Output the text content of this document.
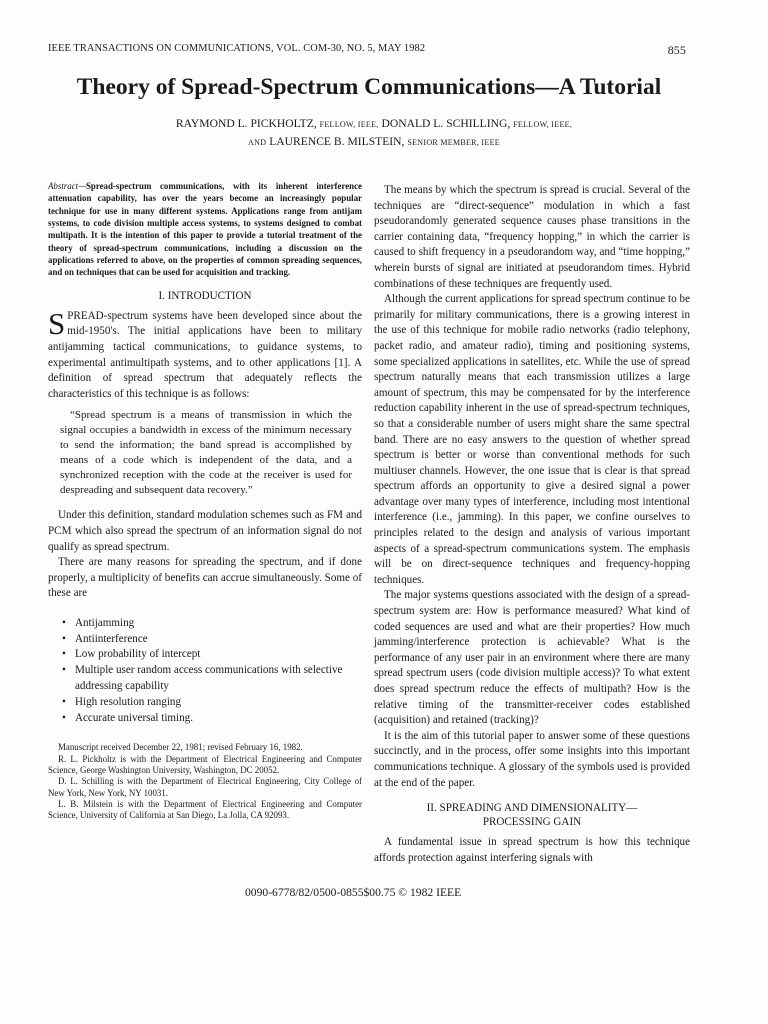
IEEE TRANSACTIONS ON COMMUNICATIONS, VOL. COM-30, NO. 5, MAY 1982	855
Theory of Spread-Spectrum Communications—A Tutorial
RAYMOND L. PICKHOLTZ, FELLOW, IEEE, DONALD L. SCHILLING, FELLOW, IEEE,
AND LAURENCE B. MILSTEIN, SENIOR MEMBER, IEEE

Abstract—Spread-spectrum communications, with its inherent interference attenuation capability, has over the years become an increasingly popular technique for use in many different systems. Applications range from antijam systems, to code division multiple access systems, to systems designed to combat multipath. It is the intention of this paper to provide a tutorial treatment of the theory of spread-spectrum communications, including a discussion on the applications referred to above, on the properties of common spreading sequences, and on techniques that can be used for acquisition and tracking.

I. INTRODUCTION

SPREAD-spectrum systems have been developed since about the mid-1950's. The initial applications have been to military antijamming tactical communications, to guidance systems, to experimental antimultipath systems, and to other applications [1]. A definition of spread spectrum that adequately reflects the characteristics of this technique is as follows:

“Spread spectrum is a means of transmission in which the signal occupies a bandwidth in excess of the minimum necessary to send the information; the band spread is accomplished by means of a code which is independent of the data, and a synchronized reception with the code at the receiver is used for despreading and subsequent data recovery.”

Under this definition, standard modulation schemes such as FM and PCM which also spread the spectrum of an information signal do not qualify as spread spectrum.

There are many reasons for spreading the spectrum, and if done properly, a multiplicity of benefits can accrue simultaneously. Some of these are

• Antijamming
• Antiinterference
• Low probability of intercept
• Multiple user random access communications with selective addressing capability
• High resolution ranging
• Accurate universal timing.

Manuscript received December 22, 1981; revised February 16, 1982.

R. L. Pickholtz is with the Department of Electrical Engineering and Computer Science, George Washington University, Washington, DC 20052.

D. L. Schilling is with the Department of Electrical Engineering, City College of New York, New York, NY 10031.

L. B. Milstein is with the Department of Electrical Engineering and Computer Science, University of California at San Diego, La Jolla, CA 92093.

The means by which the spectrum is spread is crucial. Several of the techniques are “direct-sequence” modulation in which a fast pseudorandomly generated sequence causes phase transitions in the carrier containing data, “frequency hopping,” in which the carrier is caused to shift frequency in a pseudorandom way, and “time hopping,” wherein bursts of signal are initiated at pseudorandom times. Hybrid combinations of these techniques are frequently used.

Although the current applications for spread spectrum continue to be primarily for military communications, there is a growing interest in the use of this technique for mobile radio networks (radio telephony, packet radio, and amateur radio), timing and positioning systems, some specialized applications in satellites, etc. While the use of spread spectrum naturally means that each transmission utilizes a large amount of spectrum, this may be compensated for by the interference reduction capability inherent in the use of spread-spectrum techniques, so that a considerable number of users might share the same spectral band. There are no easy answers to the question of whether spread spectrum is better or worse than conventional methods for such multiuser channels. However, the one issue that is clear is that spread spectrum affords an opportunity to give a desired signal a power advantage over many types of interference, including most intentional interference (i.e., jamming). In this paper, we confine ourselves to principles related to the design and analysis of various important aspects of a spread-spectrum communications system. The emphasis will be on direct-sequence techniques and frequency-hopping techniques.

The major systems questions associated with the design of a spread-spectrum system are: How is performance measured? What kind of coded sequences are used and what are their properties? How much jamming/interference protection is achievable? What is the performance of any user pair in an environment where there are many spread spectrum users (code division multiple access)? To what extent does spread spectrum reduce the effects of multipath? How is the relative timing of the transmitter-receiver codes established (acquisition) and retained (tracking)?

It is the aim of this tutorial paper to answer some of these questions succinctly, and in the process, offer some insights into this important communications technique. A glossary of the symbols used is provided at the end of the paper.

II. SPREADING AND DIMENSIONALITY—
PROCESSING GAIN

A fundamental issue in spread spectrum is how this technique affords protection against interfering signals with

0090-6778/82/0500-0855$00.75 © 1982 IEEE
